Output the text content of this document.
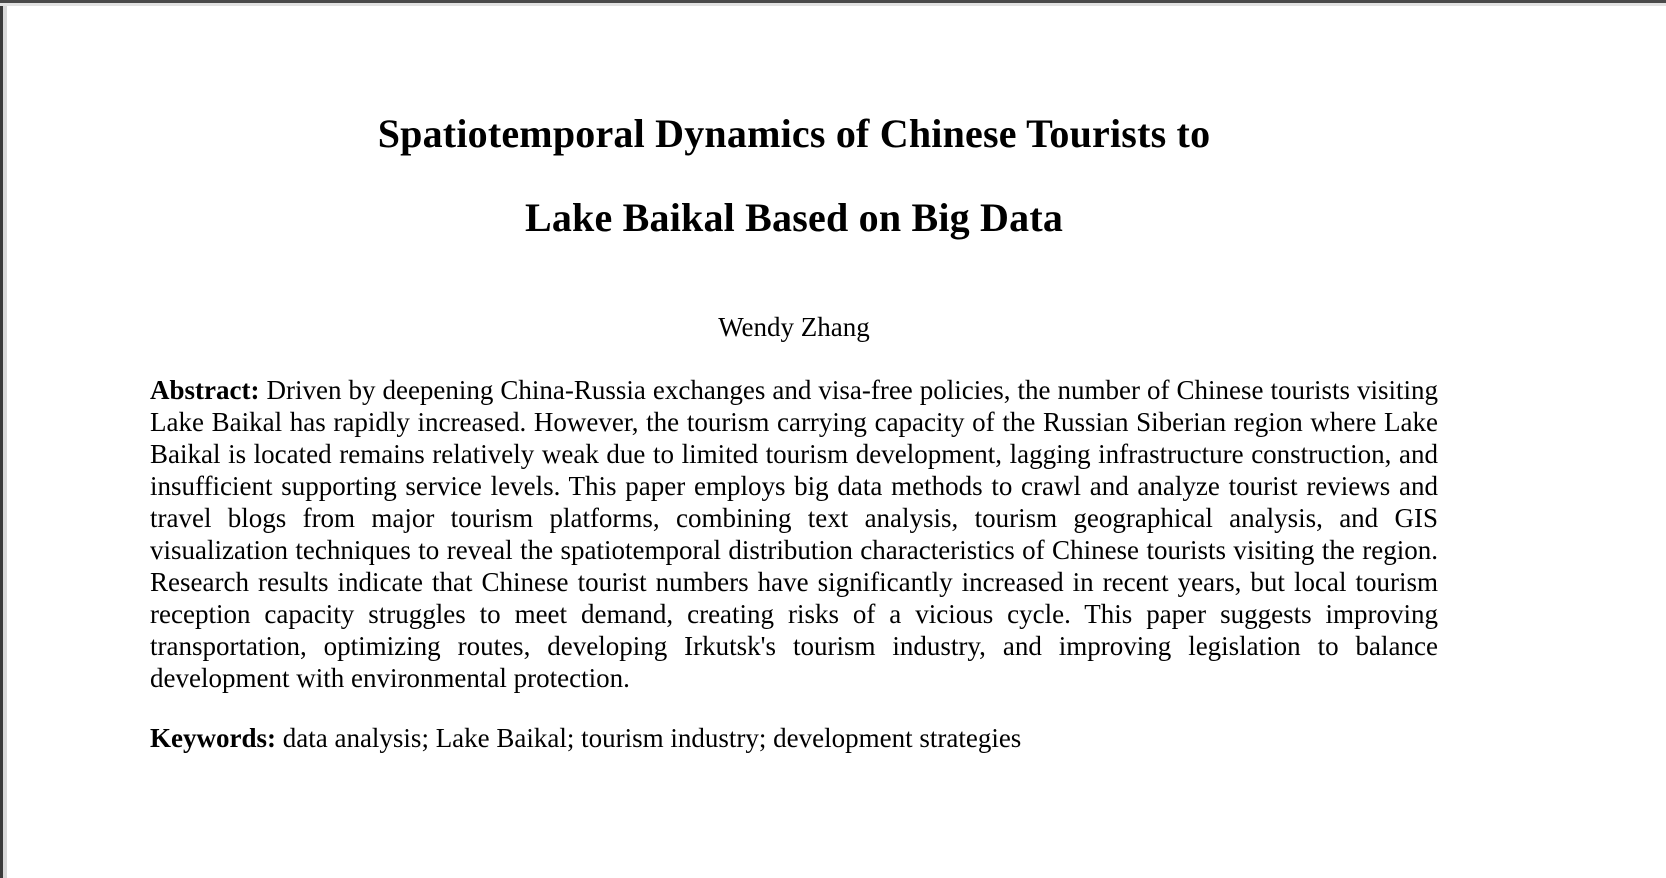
Spatiotemporal Dynamics of Chinese Tourists to
Lake Baikal Based on Big Data

Wendy Zhang

Abstract: Driven by deepening China-Russia exchanges and visa-free policies, the number of Chinese tourists visiting Lake Baikal has rapidly increased. However, the tourism carrying capacity of the Russian Siberian region where Lake Baikal is located remains relatively weak due to limited tourism development, lagging infrastructure construction, and insufficient supporting service levels. This paper employs big data methods to crawl and analyze tourist reviews and travel blogs from major tourism platforms, combining text analysis, tourism geographical analysis, and GIS visualization techniques to reveal the spatiotemporal distribution characteristics of Chinese tourists visiting the region. Research results indicate that Chinese tourist numbers have significantly increased in recent years, but local tourism reception capacity struggles to meet demand, creating risks of a vicious cycle. This paper suggests improving transportation, optimizing routes, developing Irkutsk's tourism industry, and improving legislation to balance development with environmental protection.

Keywords: data analysis; Lake Baikal; tourism industry; development strategies
